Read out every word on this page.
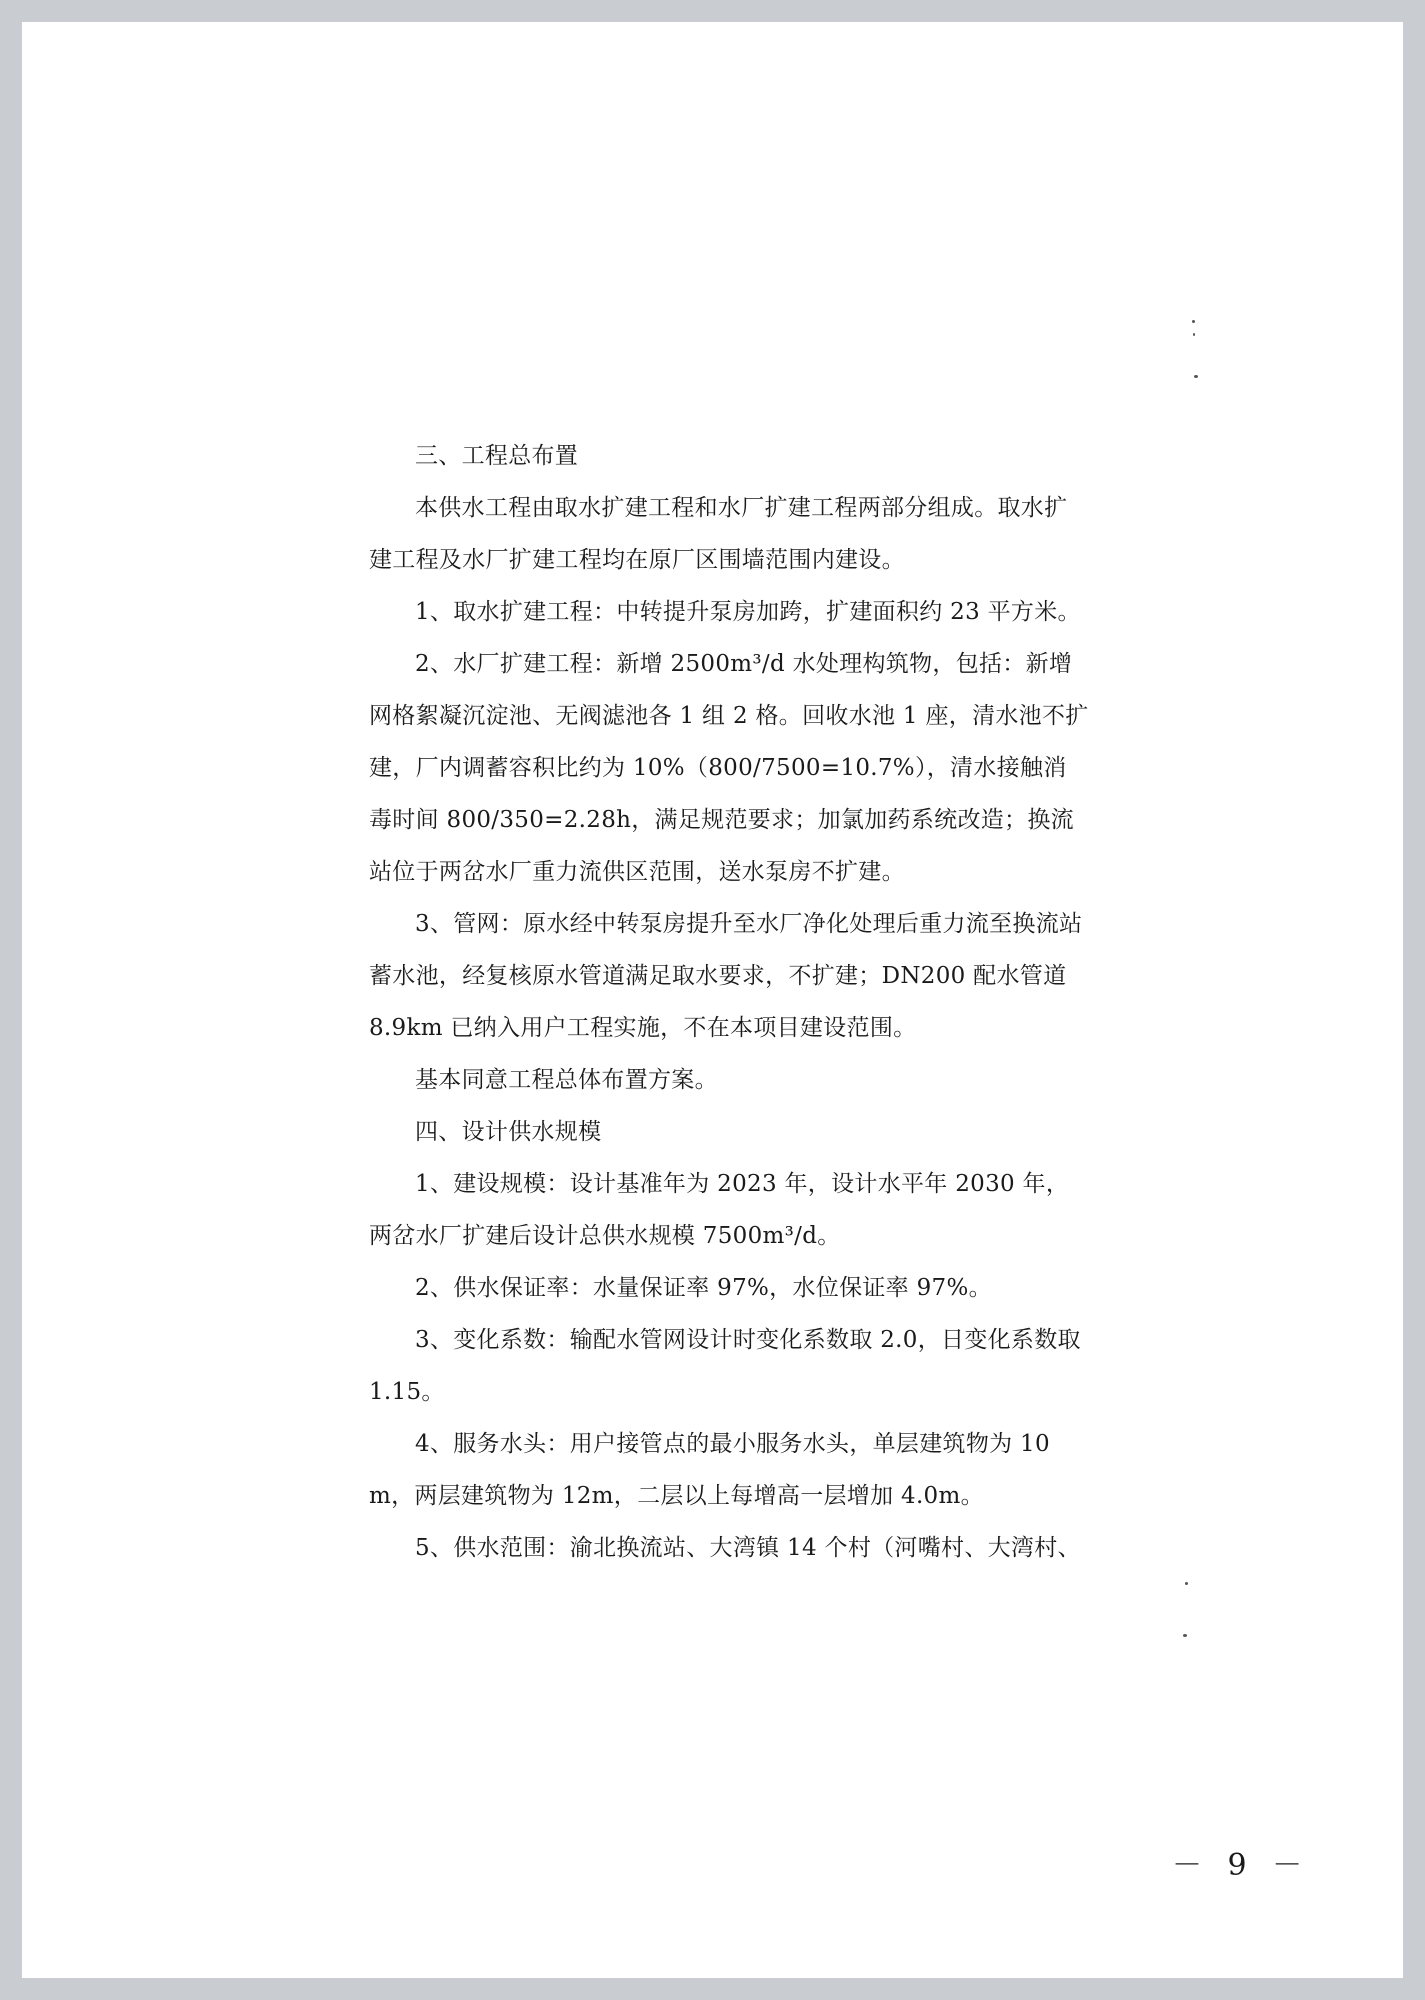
三、工程总布置

本供水工程由取水扩建工程和水厂扩建工程两部分组成。取水扩建工程及水厂扩建工程均在原厂区围墙范围内建设。

1、取水扩建工程：中转提升泵房加跨，扩建面积约 23 平方米。

2、水厂扩建工程：新增 2500m³/d 水处理构筑物，包括：新增网格絮凝沉淀池、无阀滤池各 1 组 2 格。回收水池 1 座，清水池不扩建，厂内调蓄容积比约为 10%（800/7500=10.7%），清水接触消毒时间 800/350=2.28h，满足规范要求；加氯加药系统改造；换流站位于两岔水厂重力流供区范围，送水泵房不扩建。

3、管网：原水经中转泵房提升至水厂净化处理后重力流至换流站蓄水池，经复核原水管道满足取水要求，不扩建；DN200 配水管道 8.9km 已纳入用户工程实施，不在本项目建设范围。

基本同意工程总体布置方案。

四、设计供水规模

1、建设规模：设计基准年为 2023 年，设计水平年 2030 年，两岔水厂扩建后设计总供水规模 7500m³/d。

2、供水保证率：水量保证率 97%，水位保证率 97%。

3、变化系数：输配水管网设计时变化系数取 2.0，日变化系数取 1.15。

4、服务水头：用户接管点的最小服务水头，单层建筑物为 10m，两层建筑物为 12m，二层以上每增高一层增加 4.0m。

5、供水范围：渝北换流站、大湾镇 14 个村（河嘴村、大湾村、

－ 9 －
